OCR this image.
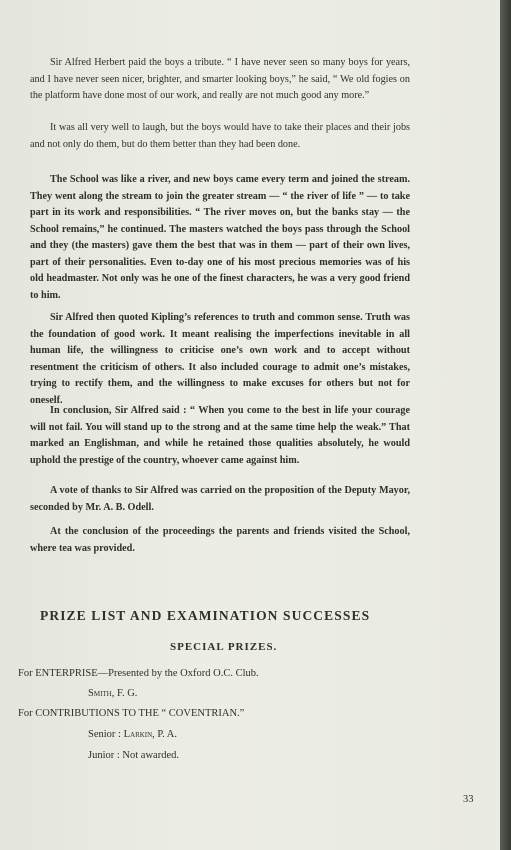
Sir Alfred Herbert paid the boys a tribute. “ I have never seen so many boys for years, and I have never seen nicer, brighter, and smarter looking boys,” he said, “ We old fogies on the platform have done most of our work, and really are not much good any more.”

It was all very well to laugh, but the boys would have to take their places and their jobs and not only do them, but do them better than they had been done.

The School was like a river, and new boys came every term and joined the stream. They went along the stream to join the greater stream — “ the river of life ” — to take part in its work and responsibilities. “ The river moves on, but the banks stay — the School remains,” he continued. The masters watched the boys pass through the School and they (the masters) gave them the best that was in them — part of their own lives, part of their personalities. Even to-day one of his most precious memories was of his old headmaster. Not only was he one of the finest characters, he was a very good friend to him.

Sir Alfred then quoted Kipling’s references to truth and common sense. Truth was the foundation of good work. It meant realising the imperfections inevitable in all human life, the willingness to criticise one’s own work and to accept without resentment the criticism of others. It also included courage to admit one’s mistakes, trying to rectify them, and the willingness to make excuses for others but not for oneself.

In conclusion, Sir Alfred said : “ When you come to the best in life your courage will not fail. You will stand up to the strong and at the same time help the weak.” That marked an Englishman, and while he retained those qualities absolutely, he would uphold the prestige of the country, whoever came against him.

A vote of thanks to Sir Alfred was carried on the proposition of the Deputy Mayor, seconded by Mr. A. B. Odell.

At the conclusion of the proceedings the parents and friends visited the School, where tea was provided.

PRIZE LIST AND EXAMINATION SUCCESSES
SPECIAL PRIZES.

For ENTERPRISE—Presented by the Oxford O.C. Club.

Smith, F. G.

For CONTRIBUTIONS TO THE “ COVENTRIAN.”

Senior : Larkin, P. A.

Junior : Not awarded.

33
